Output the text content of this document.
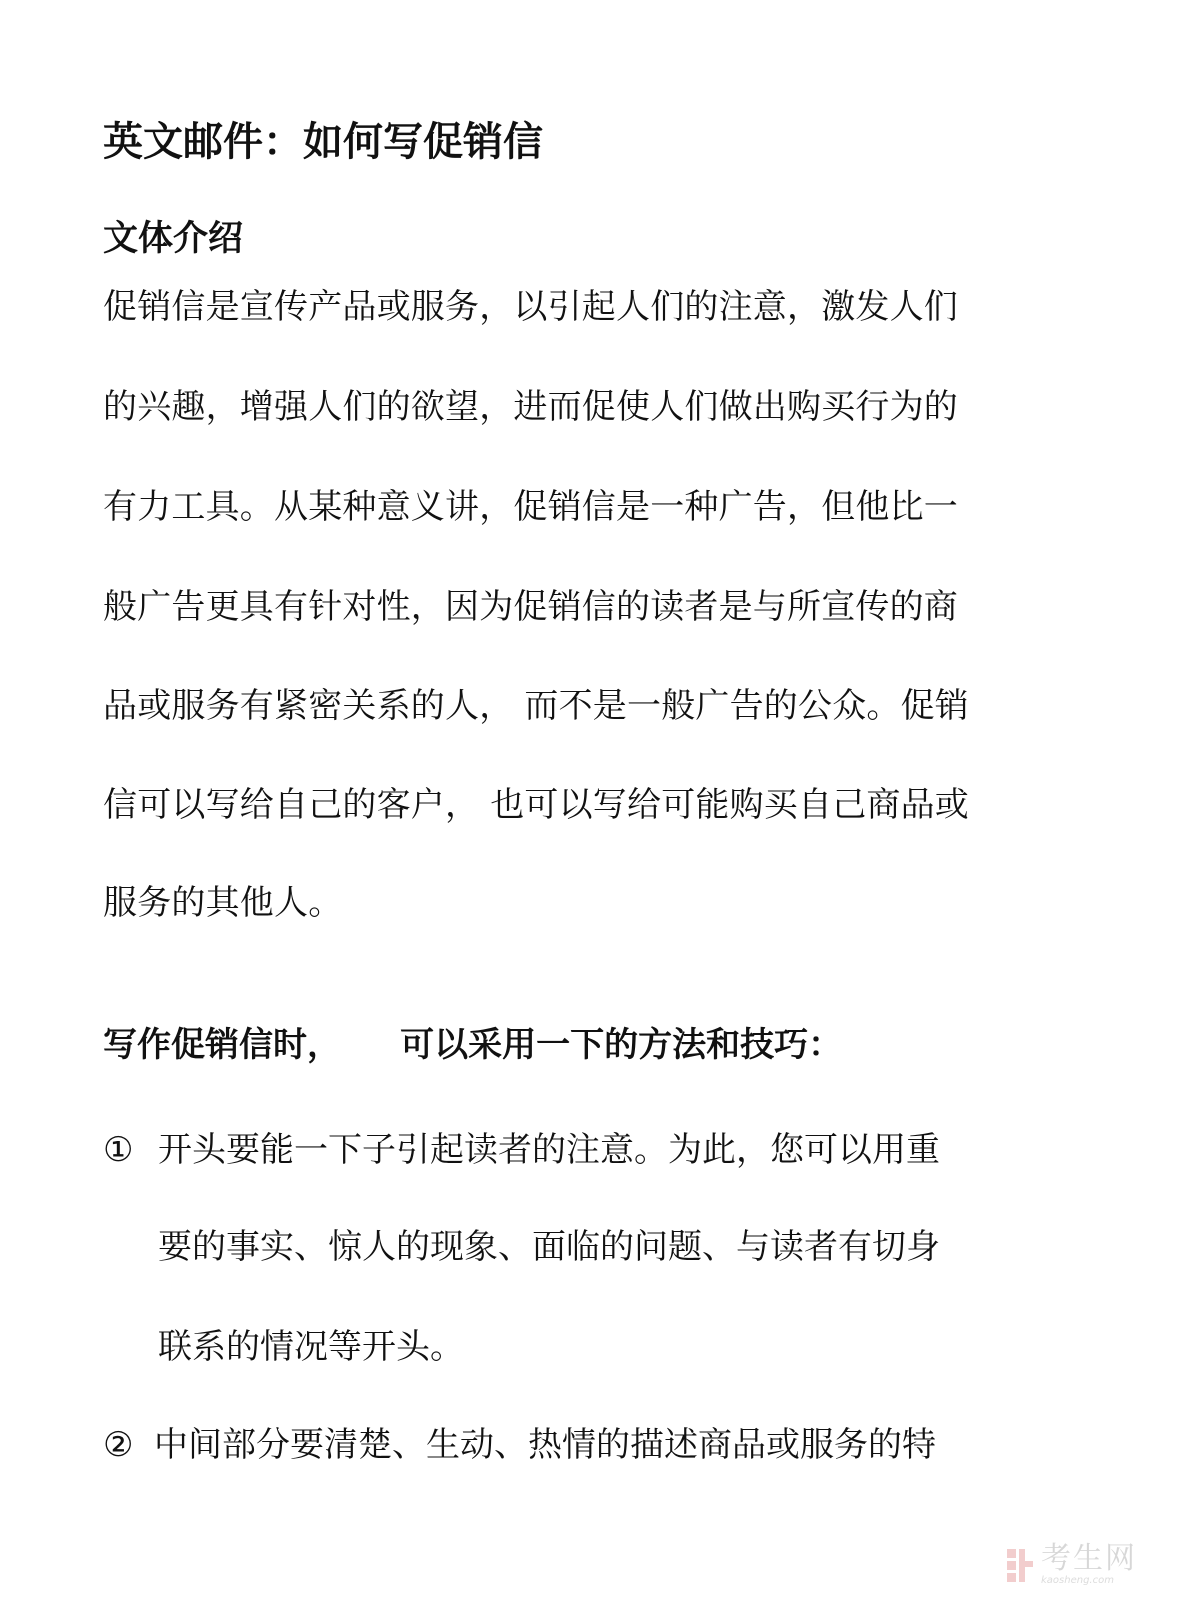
英文邮件：如何写促销信
文体介绍
促销信是宣传产品或服务，以引起人们的注意，激发人们
的兴趣，增强人们的欲望，进而促使人们做出购买行为的
有力工具。从某种意义讲，促销信是一种广告，但他比一
般广告更具有针对性，因为促销信的读者是与所宣传的商
品或服务有紧密关系的人， 而不是一般广告的公众。促销
信可以写给自己的客户， 也可以写给可能购买自己商品或
服务的其他人。
写作促销信时，     可以采用一下的方法和技巧：
① 开头要能一下子引起读者的注意。为此，您可以用重
要的事实、惊人的现象、面临的问题、与读者有切身
联系的情况等开头。
② 中间部分要清楚、生动、热情的描述商品或服务的特
考生网
kaosheng.com
